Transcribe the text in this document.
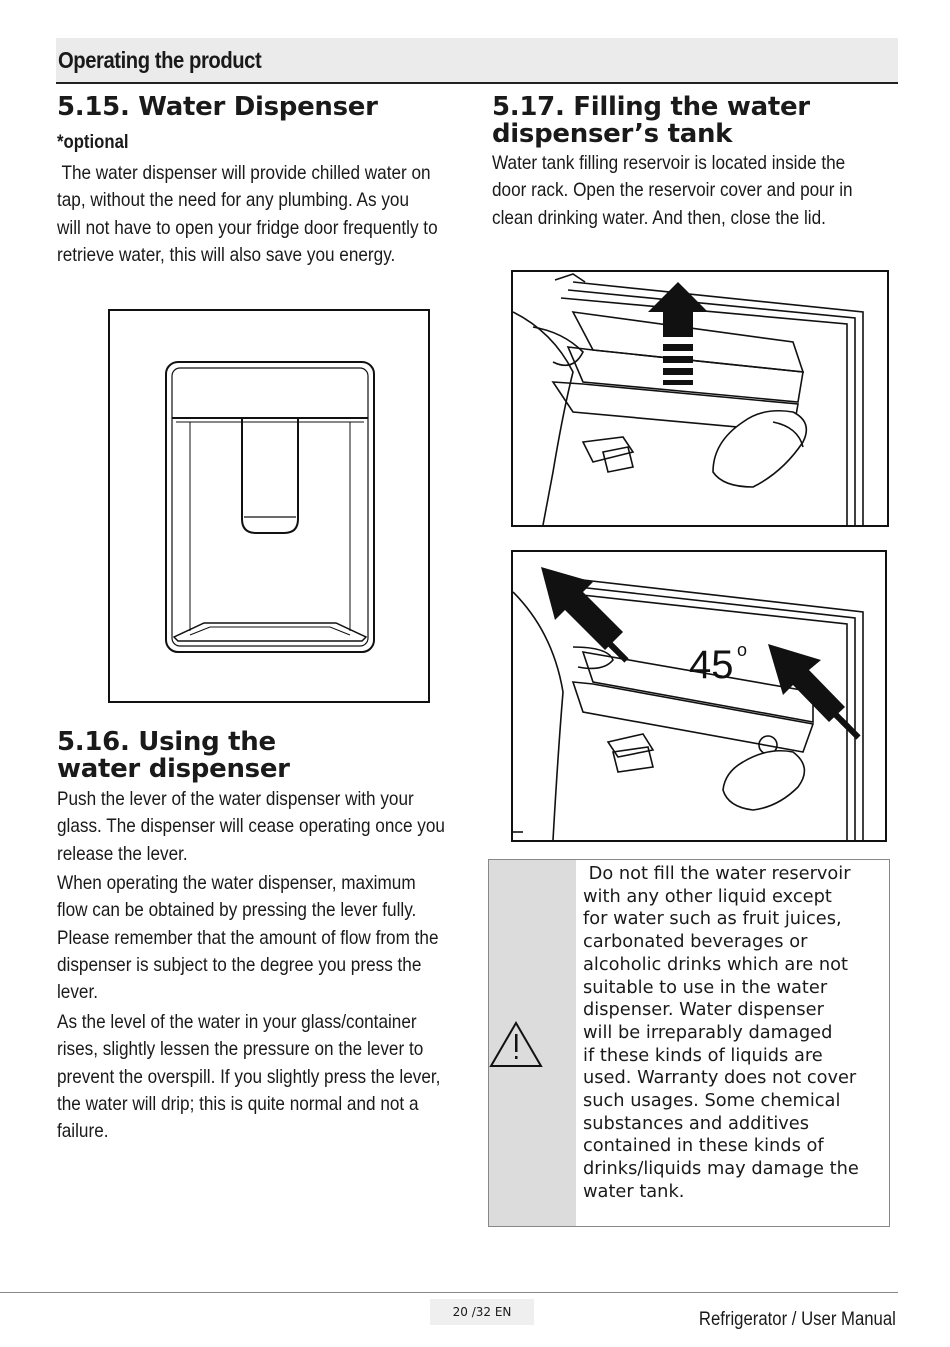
Operating the product
5.15. Water Dispenser
*optional
The water dispenser will provide chilled water on
tap, without the need for any plumbing. As you
will not have to open your fridge door frequently to
retrieve water, this will also save you energy.
5.16. Using the
water dispenser
Push the lever of the water dispenser with your
glass. The dispenser will cease operating once you
release the lever.
When operating the water dispenser, maximum
flow can be obtained by pressing the lever fully.
Please remember that the amount of flow from the
dispenser is subject to the degree you press the
lever.
As the level of the water in your glass/container
rises, slightly lessen the pressure on the lever to
prevent the overspill. If you slightly press the lever,
the water will drip; this is quite normal and not a
failure.
5.17. Filling the water
dispenser’s tank
Water tank filling reservoir is located inside the
door rack. Open the reservoir cover and pour in
clean drinking water. And then, close the lid.
45 o
Do not fill the water reservoir
with any other liquid except
for water such as fruit juices,
carbonated beverages or
alcoholic drinks which are not
suitable to use in the water
dispenser. Water dispenser
will be irreparably damaged
if these kinds of liquids are
used. Warranty does not cover
such usages. Some chemical
substances and additives
contained in these kinds of
drinks/liquids may damage the
water tank.
20 /32 EN	Refrigerator / User Manual
